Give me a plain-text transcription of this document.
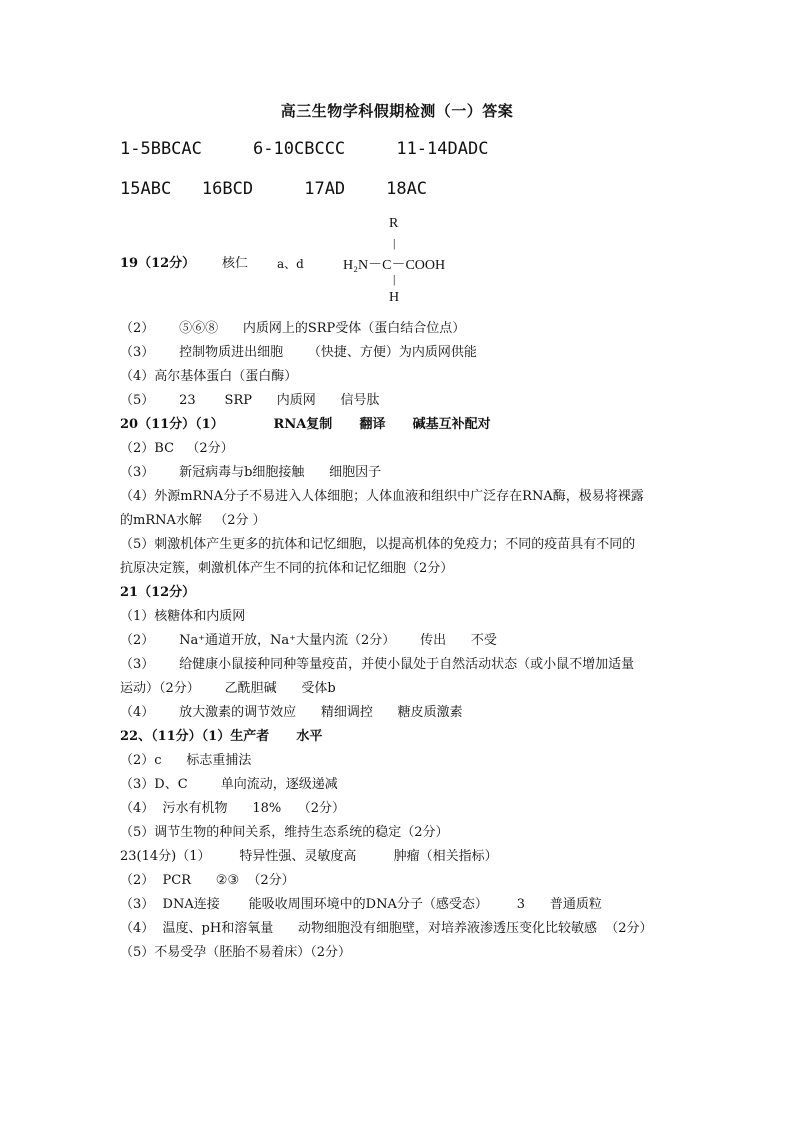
高三生物学科假期检测（一）答案
1-5BBCAC     6-10CBCCC     11-14DADC
15ABC   16BCD     17AD    18AC
19（12分） 核仁 a、d
R
|
H₂N－C－COOH
|
H
（2）      ⑤⑥⑧      内质网上的SRP受体（蛋白结合位点）
（3）      控制物质进出细胞      （快捷、方便）为内质网供能
（4）高尔基体蛋白（蛋白酶）
（5）      23       SRP      内质网      信号肽
20（11分）（1）           RNA复制      翻译      碱基互补配对
（2）BC   （2分）
（3）      新冠病毒与b细胞接触      细胞因子
（4）外源mRNA分子不易进入人体细胞；人体血液和组织中广泛存在RNA酶，极易将裸露
的mRNA水解   （2分 ）
（5）刺激机体产生更多的抗体和记忆细胞，以提高机体的免疫力；不同的疫苗具有不同的
抗原决定簇，刺激机体产生不同的抗体和记忆细胞（2分）
21（12分）
（1）核糖体和内质网
（2）      Na⁺通道开放，Na⁺大量内流（2分）      传出      不受
（3）      给健康小鼠接种同种等量疫苗，并使小鼠处于自然活动状态（或小鼠不增加适量
运动）（2分）      乙酰胆碱      受体b
（4）      放大激素的调节效应      精细调控      糖皮质激素
22、（11分）（1）生产者      水平
（2）c      标志重捕法
（3）D、C        单向流动，逐级递减
（4）  污水有机物      18%    （2分）
（5）调节生物的种间关系，维持生态系统的稳定（2分）
23(14分)（1）       特异性强、灵敏度高         肿瘤（相关指标）
（2）  PCR      ②③  （2分）
（3）  DNA连接       能吸收周围环境中的DNA分子（感受态）       3      普通质粒
（4）  温度、pH和溶氧量      动物细胞没有细胞壁，对培养液渗透压变化比较敏感  （2分）
（5）不易受孕（胚胎不易着床）（2分）
